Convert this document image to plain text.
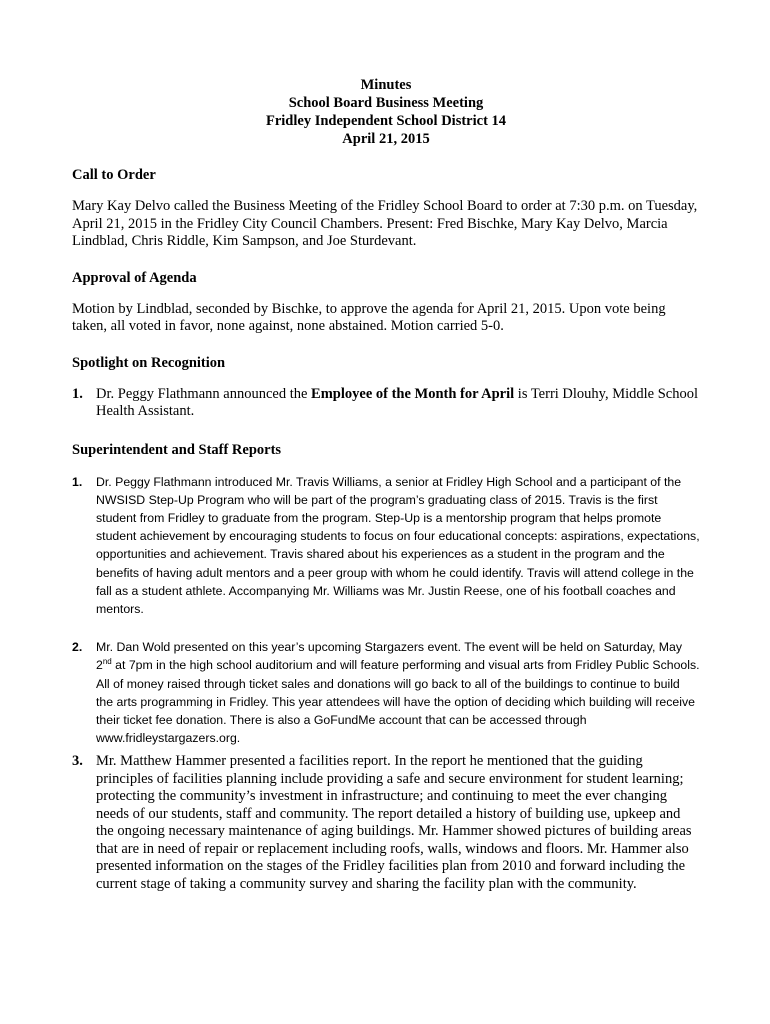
Minutes
School Board Business Meeting
Fridley Independent School District 14
April 21, 2015
Call to Order

Mary Kay Delvo called the Business Meeting of the Fridley School Board to order at 7:30 p.m. on Tuesday, April 21, 2015 in the Fridley City Council Chambers. Present: Fred Bischke, Mary Kay Delvo, Marcia Lindblad, Chris Riddle, Kim Sampson, and Joe Sturdevant.

Approval of Agenda

Motion by Lindblad, seconded by Bischke, to approve the agenda for April 21, 2015. Upon vote being taken, all voted in favor, none against, none abstained. Motion carried 5-0.

Spotlight on Recognition
1. Dr. Peggy Flathmann announced the Employee of the Month for April is Terri Dlouhy, Middle School Health Assistant.
Superintendent and Staff Reports
1. Dr. Peggy Flathmann introduced Mr. Travis Williams, a senior at Fridley High School and a participant of the NWSISD Step-Up Program who will be part of the program’s graduating class of 2015. Travis is the first student from Fridley to graduate from the program. Step-Up is a mentorship program that helps promote student achievement by encouraging students to focus on four educational concepts: aspirations, expectations, opportunities and achievement. Travis shared about his experiences as a student in the program and the benefits of having adult mentors and a peer group with whom he could identify. Travis will attend college in the fall as a student athlete. Accompanying Mr. Williams was Mr. Justin Reese, one of his football coaches and mentors.
2. Mr. Dan Wold presented on this year’s upcoming Stargazers event. The event will be held on Saturday, May 2nd at 7pm in the high school auditorium and will feature performing and visual arts from Fridley Public Schools. All of money raised through ticket sales and donations will go back to all of the buildings to continue to build the arts programming in Fridley. This year attendees will have the option of deciding which building will receive their ticket fee donation. There is also a GoFundMe account that can be accessed through www.fridleystargazers.org.
3. Mr. Matthew Hammer presented a facilities report. In the report he mentioned that the guiding principles of facilities planning include providing a safe and secure environment for student learning; protecting the community’s investment in infrastructure; and continuing to meet the ever changing needs of our students, staff and community. The report detailed a history of building use, upkeep and the ongoing necessary maintenance of aging buildings. Mr. Hammer showed pictures of building areas that are in need of repair or replacement including roofs, walls, windows and floors. Mr. Hammer also presented information on the stages of the Fridley facilities plan from 2010 and forward including the current stage of taking a community survey and sharing the facility plan with the community.
